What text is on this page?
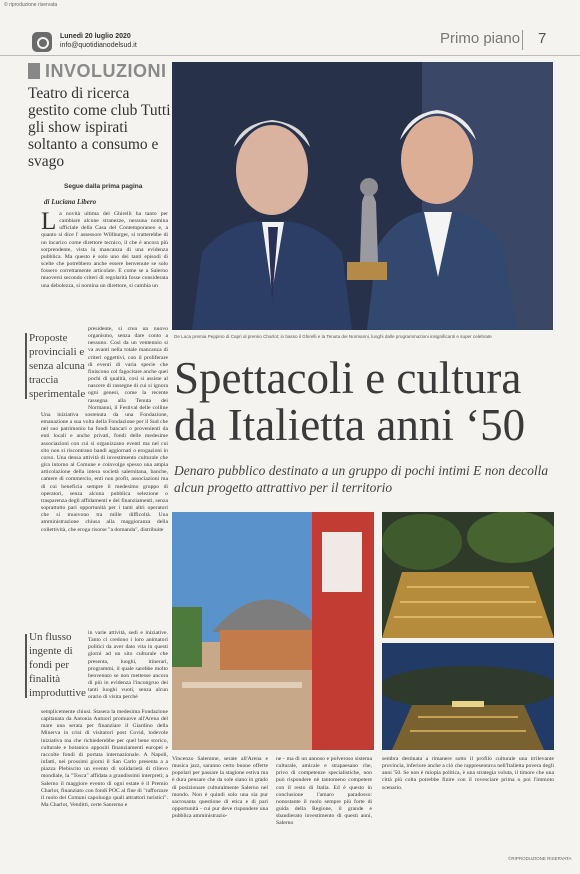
© riproduzione riservata
Lunedì 20 luglio 2020
info@quotidianodelsud.it	Primo piano 7
INVOLUZIONI
Teatro di ricerca gestito come club Tutti gli show ispirati soltanto a consumo e svago
Segue dalla prima pagina
di Luciana Libero
La novità ultima del Ghirelli ha tanto per cambiare alcune stranezze, nessuna nomina ufficiale della Casa del Contemporaneo e, a quanto si dice l' assessore Willburger, si tratterebbe di un incarico come direttore tecnico, il che è ancora più sorprendente, vista la mancanza di una evidenza pubblica. Ma questo è solo uno dei tanti episodi di scelte che potrebbero anche essere benvenute se solo fossero correttamente articolate. E come se a Salerno muoversi secondo criteri di regolarità fosse considerata una debolezza, si nomina un direttore, si cambia un
Proposte provinciali e senza alcuna traccia sperimentale
presidente, si crea un nuovo organismo, senza dare conto a nessuno. Così da un ventennio si va avanti nella totale mancanza di criteri oggettivi, con il proliferare di eventi di varia specie che finiscono col fagocitare anche quei pochi di qualità, così si assiste al nascere di rassegne di cui si ignora ogni genesi, come la recente rassegna alla Tenuta dei Normanni, il Festival delle colline
Una iniziativa sostenuta da una Fondazione, emanazione a sua volta della Fondazione per il Sud che nel suo patrimonio ha fondi bancari o provenienti da enti locali e anche privati, fondi delle medesime associazioni con cui si organizzano eventi ma nel cui sito non si riscontrano bandi aggiornati o erogazioni in corso. Una densa attività di investimento culturale che gira intorno al Comune e coinvolge spesso una ampia articolazione della intera società salernitana, banche, camere di commercio, enti non profit, associazioni ma di cui beneficia sempre il medesimo gruppo di operatori, senza alcuna pubblica selezione o trasparenza degli affidamenti e dei finanziamenti, senza soprattutto pari opportunità per i tanti altri operatori che si muovono tra mille difficoltà. Una amministrazione chiusa alla maggioranza della collettività, che eroga risorse "a domanda", distribuite
Un flusso ingente di fondi per finalità improduttive
in varie attività, sedi e iniziative. Tanto ci credono i loro animatori politici da aver dato vita in questi giorni ad un sito culturale che presenta, luoghi, itinerari, programmi, il quale sarebbe molto benvenuto se non mettesse ancora di più in evidenza l'incongruo dei tanti luoghi vuoti, senza alcun orario di visita perché
semplicemente chiusi. Stasera la medesima Fondazione capitanata da Antonia Autuori promuove all'Arena del mare una serata per finanziare il Giardino della Minerva in crisi di visitatori post Covid, lodevole iniziativa ma che richiederebbe per quel bene storico, culturale e botanico appositi finanziamenti europei e raccolte fondi di portata internazionale. A Napoli, infatti, nei prossimi giorni il San Carlo presenta a a piazza Plebiscito un evento di solidarietà di rilievo mondiale, la "Tosca" affidata a grandissimi interpreti; a Salerno il maggiore evento di ogni estate è il Premio Charlot, finanziato con fondi POC al fine di "rafforzare il ruolo dei Comuni capoluogo quali attrattori turistici". Ma Charlot, Venditti, certe Sanremo e
De Luca premia Peppino di Capri al premio Charlot; in basso il Ghirelli e la Tenuta dei Normanni, luoghi dalle programmazioni insignificanti e super celebrate
Spettacoli e cultura da Italietta anni ‘50
Denaro pubblico destinato a un gruppo di pochi intimi E non decolla alcun progetto attrattivo per il territorio
Vincenzo Salemme, serate all'Arena e musica jazz, saranno certo buone offerte popolari per passare la stagione estiva ma è dura pensare che da sole siano in grado di posizionare culturalmente Salerno nel mondo. Non è quindi solo una sia pur sacrosanta questione di etica e di pari opportunità - cui pur deve rispondere una pubblica amministrazio-
ne - ma di un annoso e polveroso sistema culturale, amicale e strapaesano che, privo di competenze specialistiche, non può rispondere nè tantomeno competere con il resto di Italia. Ed è questo in conclusione l'amaro paradosso: nonostante il ruolo sempre più forte di guida della Regione, il grande e sbandierato investimento di questi anni, Salerno
sembra destinata a rimanere sotto il profilo culturale una irrilevante provincia, inferiore anche a ciò che rappresentava nell'Italietta povera degli anni '50. Se non è miopia politica, è una strategia voluta, il timore che una città più colta potrebbe finire con il rovesciare prima o poi l'immoto scenario.
©RIPRODUZIONE RISERVATA
